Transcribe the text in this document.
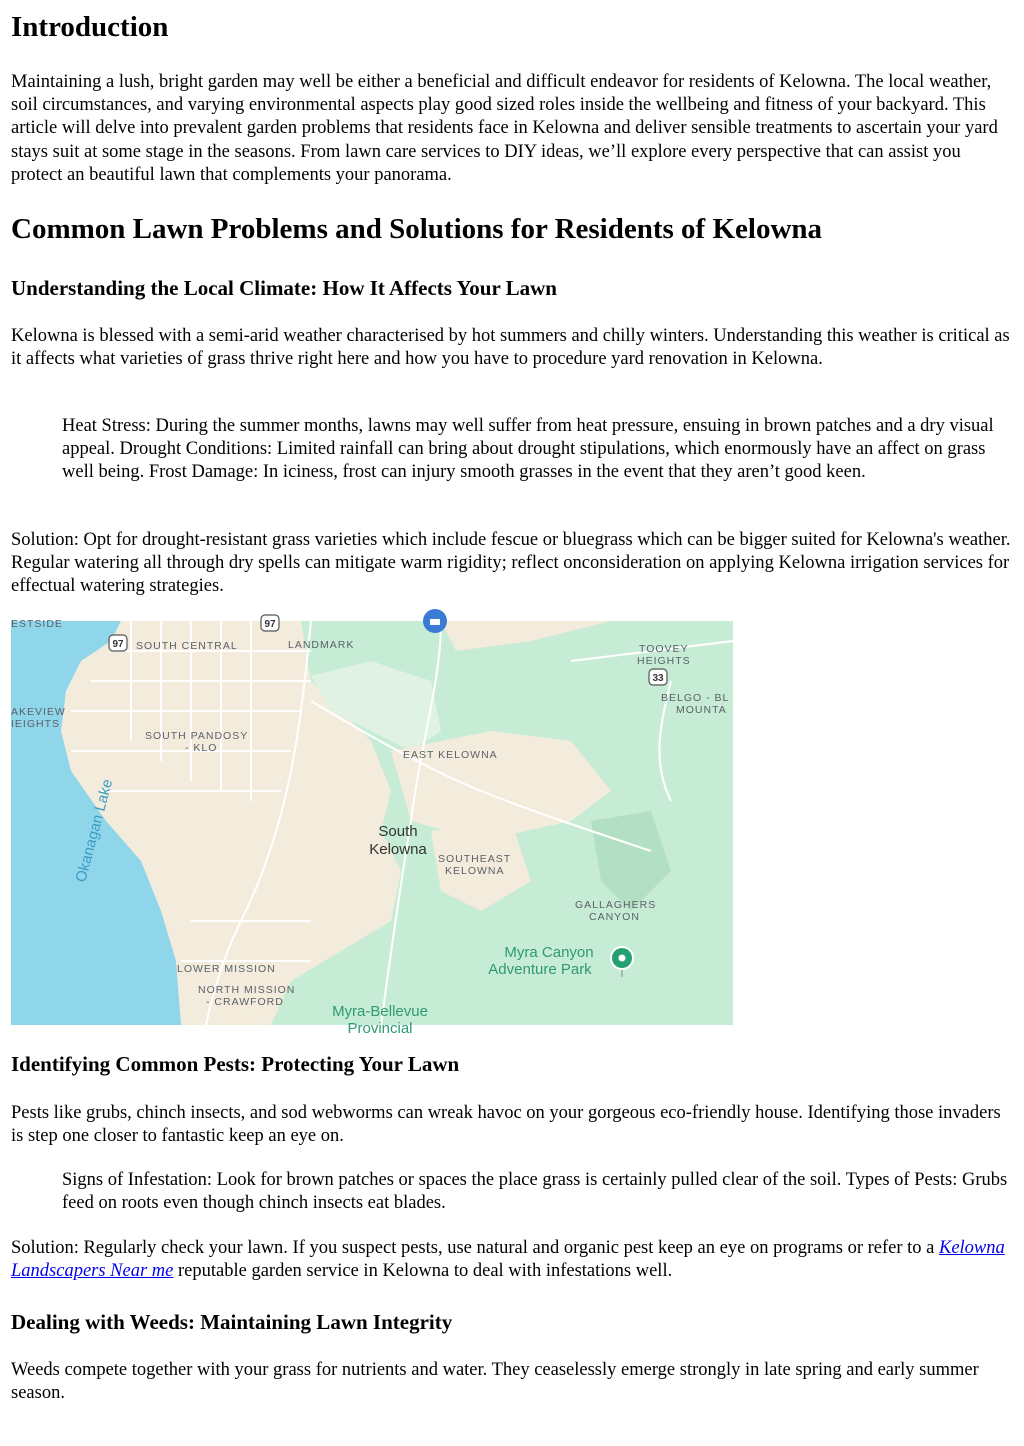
Introduction

Maintaining a lush, bright garden may well be either a beneficial and difficult endeavor for residents of Kelowna. The local weather, soil circumstances, and varying environmental aspects play good sized roles inside the wellbeing and fitness of your backyard. This article will delve into prevalent garden problems that residents face in Kelowna and deliver sensible treatments to ascertain your yard stays suit at some stage in the seasons. From lawn care services to DIY ideas, we’ll explore every perspective that can assist you protect an beautiful lawn that complements your panorama.

Common Lawn Problems and Solutions for Residents of Kelowna
Understanding the Local Climate: How It Affects Your Lawn

Kelowna is blessed with a semi-arid weather characterised by hot summers and chilly winters. Understanding this weather is critical as it affects what varieties of grass thrive right here and how you have to procedure yard renovation in Kelowna.

Heat Stress: During the summer months, lawns may well suffer from heat pressure, ensuing in brown patches and a dry visual appeal. Drought Conditions: Limited rainfall can bring about drought stipulations, which enormously have an affect on grass well being. Frost Damage: In iciness, frost can injury smooth grasses in the event that they aren’t good keen.

Solution: Opt for drought-resistant grass varieties which include fescue or bluegrass which can be bigger suited for Kelowna's weather. Regular watering all through dry spells can mitigate warm rigidity; reflect onconsideration on applying Kelowna irrigation services for effectual watering strategies.

97
97
33
ESTSIDE
SOUTH CENTRAL	LANDMARK	TOOVEY
HEIGHTS
BELGO - BL
MOUNTA
AKEVIEW
IEIGHTS
SOUTH PANDOSY
- KLO
EAST KELOWNA
SOUTHEAST
KELOWNA
GALLAGHERS
CANYON
LOWER MISSION
NORTH MISSION
- CRAWFORD
Okanagan Lake	South
Kelowna
Myra Canyon
Adventure Park
Myra-Bellevue
Provincial
Identifying Common Pests: Protecting Your Lawn

Pests like grubs, chinch insects, and sod webworms can wreak havoc on your gorgeous eco-friendly house. Identifying those invaders is step one closer to fantastic keep an eye on.

Signs of Infestation: Look for brown patches or spaces the place grass is certainly pulled clear of the soil. Types of Pests: Grubs feed on roots even though chinch insects eat blades.

Solution: Regularly check your lawn. If you suspect pests, use natural and organic pest keep an eye on programs or refer to a Kelowna Landscapers Near me reputable garden service in Kelowna to deal with infestations well.

Dealing with Weeds: Maintaining Lawn Integrity

Weeds compete together with your grass for nutrients and water. They ceaselessly emerge strongly in late spring and early summer season.
